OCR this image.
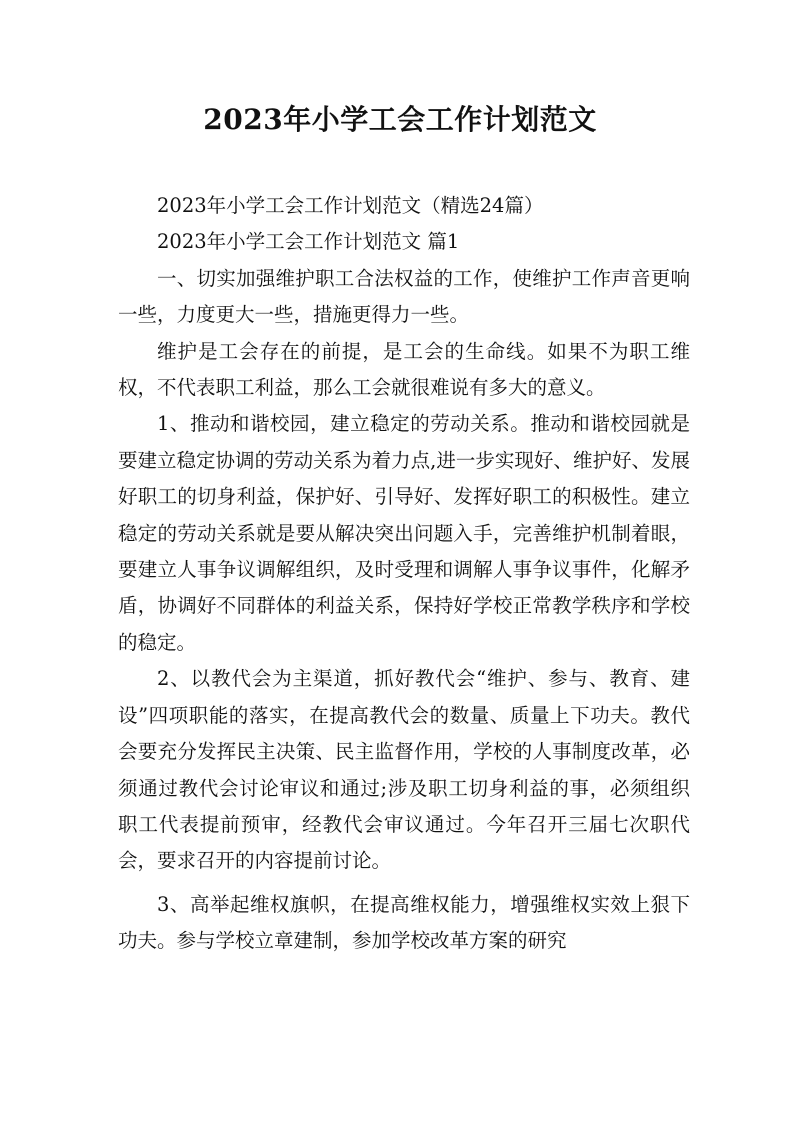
2023年小学工会工作计划范文

2023年小学工会工作计划范文（精选24篇）

2023年小学工会工作计划范文 篇1

一、切实加强维护职工合法权益的工作，使维护工作声音更响一些，力度更大一些，措施更得力一些。

维护是工会存在的前提，是工会的生命线。如果不为职工维权，不代表职工利益，那么工会就很难说有多大的意义。

1、推动和谐校园，建立稳定的劳动关系。推动和谐校园就是要建立稳定协调的劳动关系为着力点,进一步实现好、维护好、发展好职工的切身利益，保护好、引导好、发挥好职工的积极性。建立稳定的劳动关系就是要从解决突出问题入手，完善维护机制着眼，要建立人事争议调解组织，及时受理和调解人事争议事件，化解矛盾，协调好不同群体的利益关系，保持好学校正常教学秩序和学校的稳定。

2、以教代会为主渠道，抓好教代会“维护、参与、教育、建设”四项职能的落实，在提高教代会的数量、质量上下功夫。教代会要充分发挥民主决策、民主监督作用，学校的人事制度改革，必须通过教代会讨论审议和通过;涉及职工切身利益的事，必须组织职工代表提前预审，经教代会审议通过。今年召开三届七次职代会，要求召开的内容提前讨论。

3、高举起维权旗帜，在提高维权能力，增强维权实效上狠下功夫。参与学校立章建制，参加学校改革方案的研究
